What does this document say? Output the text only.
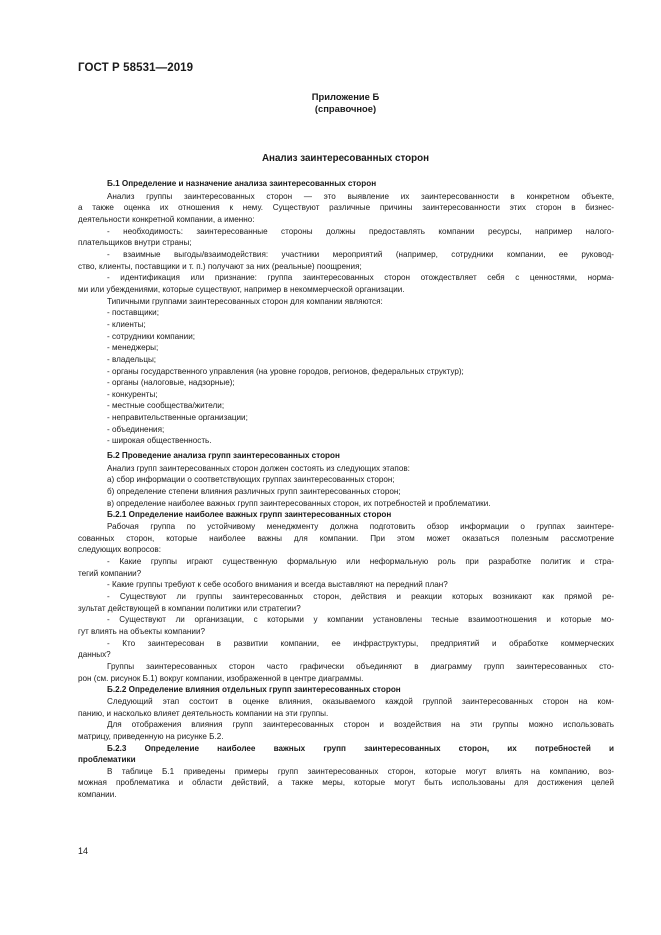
ГОСТ Р 58531—2019
Приложение Б
(справочное)
Анализ заинтересованных сторон

Б.1 Определение и назначение анализа заинтересованных сторон

Анализ группы заинтересованных сторон — это выявление их заинтересованности в конкретном объекте,

а также оценка их отношения к нему. Существуют различные причины заинтересованности этих сторон в бизнес-

деятельности конкретной компании, а именно:

- необходимость: заинтересованные стороны должны предоставлять компании ресурсы, например налого-

плательщиков внутри страны;

- взаимные выгоды/взаимодействия: участники мероприятий (например, сотрудники компании, ее руковод-

ство, клиенты, поставщики и т. п.) получают за них (реальные) поощрения;

- идентификация или признание: группа заинтересованных сторон отождествляет себя с ценностями, норма-

ми или убеждениями, которые существуют, например в некоммерческой организации.

Типичными группами заинтересованных сторон для компании являются:

- поставщики;

- клиенты;

- сотрудники компании;

- менеджеры;

- владельцы;

- органы государственного управления (на уровне городов, регионов, федеральных структур);

- органы (налоговые, надзорные);

- конкуренты;

- местные сообщества/жители;

- неправительственные организации;

- объединения;

- широкая общественность.

Б.2 Проведение анализа групп заинтересованных сторон

Анализ групп заинтересованных сторон должен состоять из следующих этапов:

а) сбор информации о соответствующих группах заинтересованных сторон;

б) определение степени влияния различных групп заинтересованных сторон;

в) определение наиболее важных групп заинтересованных сторон, их потребностей и проблематики.

Б.2.1 Определение наиболее важных групп заинтересованных сторон

Рабочая группа по устойчивому менеджменту должна подготовить обзор информации о группах заинтере-

сованных сторон, которые наиболее важны для компании. При этом может оказаться полезным рассмотрение

следующих вопросов:

- Какие группы играют существенную формальную или неформальную роль при разработке политик и стра-

тегий компании?

- Какие группы требуют к себе особого внимания и всегда выставляют на передний план?

- Существуют ли группы заинтересованных сторон, действия и реакции которых возникают как прямой ре-

зультат действующей в компании политики или стратегии?

- Существуют ли организации, с которыми у компании установлены тесные взаимоотношения и которые мо-

гут влиять на объекты компании?

- Кто заинтересован в развитии компании, ее инфраструктуры, предприятий и обработке коммерческих

данных?

Группы заинтересованных сторон часто графически объединяют в диаграмму групп заинтересованных сто-

рон (см. рисунок Б.1) вокруг компании, изображенной в центре диаграммы.

Б.2.2 Определение влияния отдельных групп заинтересованных сторон

Следующий этап состоит в оценке влияния, оказываемого каждой группой заинтересованных сторон на ком-

панию, и насколько влияет деятельность компании на эти группы.

Для отображения влияния групп заинтересованных сторон и воздействия на эти группы можно использовать

матрицу, приведенную на рисунке Б.2.

Б.2.3 Определение наиболее важных групп заинтересованных сторон, их потребностей и

проблематики

В таблице Б.1 приведены примеры групп заинтересованных сторон, которые могут влиять на компанию, воз-

можная проблематика и области действий, а также меры, которые могут быть использованы для достижения целей

компании.

14
